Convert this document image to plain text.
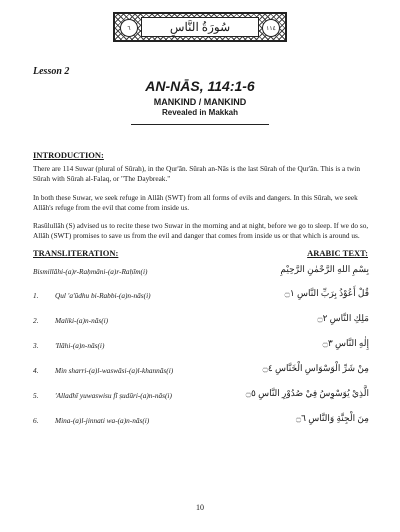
٦	سُورَةُ النَّاسِ	١١٤
Lesson 2
AN-NĀS, 114:1-6
MANKIND / MANKIND
Revealed in Makkah
INTRODUCTION:
There are 114 Suwar (plural of Sūrah), in the Qur'ān. Sūrah an-Nās is the last Sūrah of the Qur'ān. This is a twin Sūrah with Sūrah al-Falaq, or "The Daybreak."
In both these Suwar, we seek refuge in Allāh (SWT) from all forms of evils and dangers. In this Sūrah, we seek Allāh's refuge from the evil that come from inside us.
Rasūlullāh (S) advised us to recite these two Suwar in the morning and at night, before we go to sleep. If we do so, Allāh (SWT) promises to save us from the evil and danger that comes from inside us or that which is around us.
TRANSLITERATION:	ARABIC TEXT:
Bismillāhi-(a)r-Raḥmāni-(a)r-Raḥīm(i)	بِسْمِ اللهِ الرَّحْمٰنِ الرَّحِيْمِ
1. Qul 'a'ūdhu bi-Rabbi-(a)n-nās(i)	قُلْ أَعُوْذُ بِرَبِّ النَّاسِ ۝١
2. Maliki-(a)n-nās(i)	مَلِكِ النَّاسِ ۝٢
3. 'Ilāhi-(a)n-nās(i)	إِلٰهِ النَّاسِ ۝٣
4. Min sharri-(a)l-waswāsi-(a)l-khannās(i)	مِنْ شَرِّ الْوَسْوَاسِ الْخَنَّاسِ ۝٤
5. 'Alladhī yuwaswisu fī ṣudūri-(a)n-nās(i)	الَّذِيْ يُوَسْوِسُ فِيْ صُدُوْرِ النَّاسِ ۝٥
6. Mina-(a)l-jinnati wa-(a)n-nās(i)	مِنَ الْجِنَّةِ وَالنَّاسِ ۝٦
10
